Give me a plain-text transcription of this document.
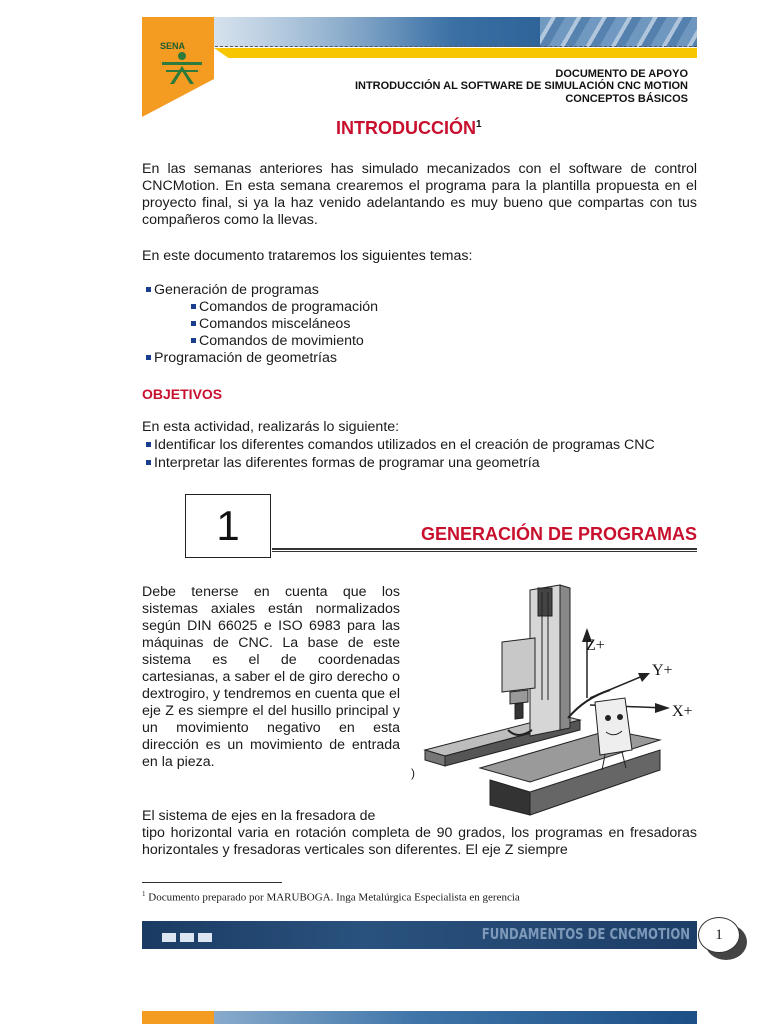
SENA
DOCUMENTO DE APOYO
INTRODUCCIÓN AL SOFTWARE DE SIMULACIÓN CNC MOTION
CONCEPTOS BÁSICOS
INTRODUCCIÓN$^1$
En las semanas anteriores has simulado mecanizados con el software de control CNCMotion. En esta semana crearemos el programa para la plantilla propuesta en el proyecto final, si ya la haz venido adelantando es muy bueno que compartas con tus compañeros como la llevas.
En este documento trataremos los siguientes temas:
Generación de programas
Comandos de programación
Comandos misceláneos
Comandos de movimiento
Programación de geometrías
OBJETIVOS
En esta actividad, realizarás lo siguiente:
Identificar los diferentes comandos utilizados en el creación de programas CNC
Interpretar las diferentes formas de programar una geometría
1	GENERACIÓN DE PROGRAMAS
Debe tenerse en cuenta que los sistemas axiales están normalizados según DIN 66025 e ISO 6983 para las máquinas de CNC. La base de este sistema es el de coordenadas cartesianas, a saber el de giro derecho o dextrogiro, y tendremos en cuenta que el eje Z es siempre el del husillo principal y un movimiento negativo en esta dirección es un movimiento de entrada en la pieza.
)
El sistema de ejes en la fresadora de
tipo horizontal varia en rotación completa de 90 grados, los programas en fresadoras horizontales y fresadoras verticales son diferentes. El eje Z siempre
Z+
Y+
X+
$^1$ Documento preparado por MARUBOGA. Inga Metalúrgica Especialista en gerencia
FUNDAMENTOS DE CNCMOTION	1
